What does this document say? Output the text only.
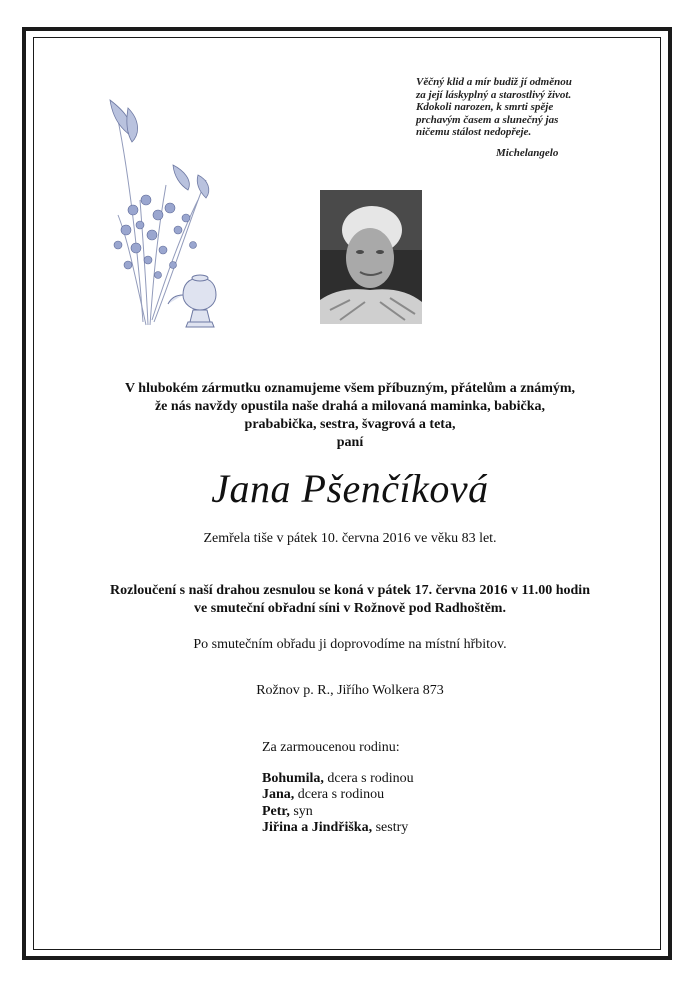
Věčný klid a mír budiž jí odměnou
za její láskyplný a starostlivý život.
Kdokoli narozen, k smrti spěje
prchavým časem a slunečný jas
ničemu stálost nedopřeje.
Michelangelo
V hlubokém zármutku oznamujeme všem příbuzným, přátelům a známým,
že nás navždy opustila naše drahá a milovaná maminka, babička,
prababička, sestra, švagrová a teta,
paní
Jana Pšenčíková
Zemřela tiše v pátek 10. června 2016 ve věku 83 let.
Rozloučení s naší drahou zesnulou se koná v pátek 17. června 2016 v 11.00 hodin
ve smuteční obřadní síni v Rožnově pod Radhoštěm.
Po smutečním obřadu ji doprovodíme na místní hřbitov.
Rožnov p. R., Jiřího Wolkera 873
Za zarmoucenou rodinu:
Bohumila, dcera s rodinou
Jana, dcera s rodinou
Petr, syn
Jiřina a Jindřiška, sestry
